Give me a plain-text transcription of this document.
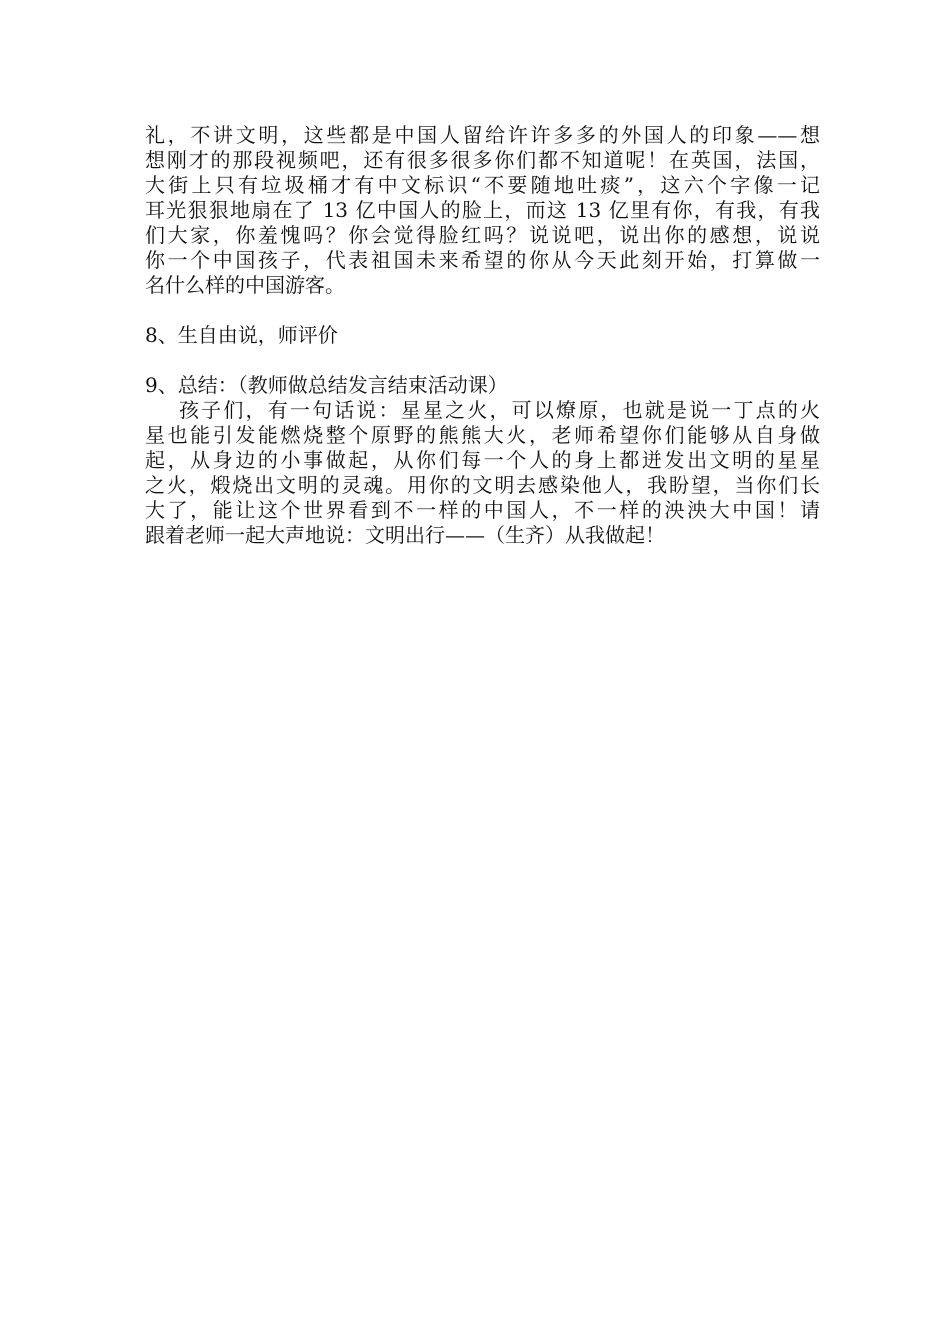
礼，不讲文明，这些都是中国人留给许许多多的外国人的印象——想
想刚才的那段视频吧，还有很多很多你们都不知道呢！在英国，法国，
大街上只有垃圾桶才有中文标识“不要随地吐痰”，这六个字像一记
耳光狠狠地扇在了 13 亿中国人的脸上，而这 13 亿里有你，有我，有我
们大家，你羞愧吗？你会觉得脸红吗？说说吧，说出你的感想，说说
你一个中国孩子，代表祖国未来希望的你从今天此刻开始，打算做一
名什么样的中国游客。
8、生自由说，师评价
9、总结：（教师做总结发言结束活动课）
孩子们，有一句话说：星星之火，可以燎原，也就是说一丁点的火
星也能引发能燃烧整个原野的熊熊大火，老师希望你们能够从自身做
起，从身边的小事做起，从你们每一个人的身上都迸发出文明的星星
之火，煅烧出文明的灵魂。用你的文明去感染他人，我盼望，当你们长
大了，能让这个世界看到不一样的中国人，不一样的泱泱大中国！请
跟着老师一起大声地说：文明出行——（生齐）从我做起！
